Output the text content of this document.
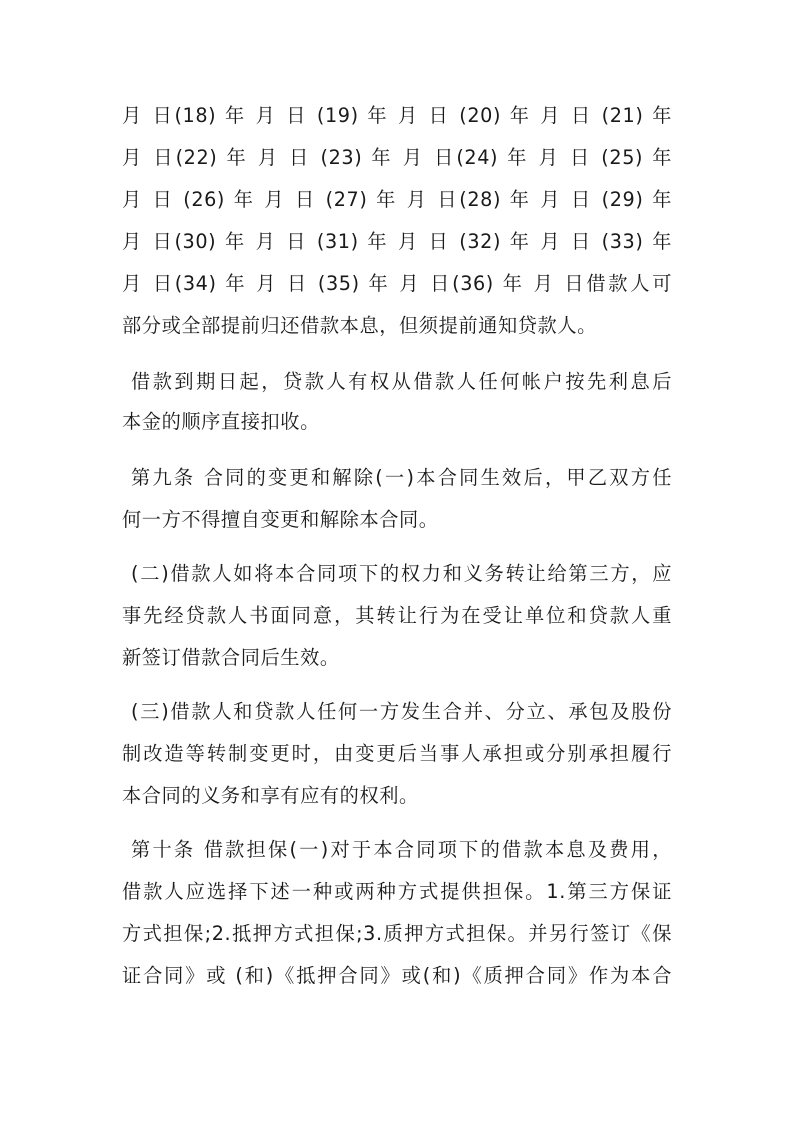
月 日(18) 年 月 日 (19) 年 月 日 (20) 年 月 日 (21) 年
月 日(22) 年 月 日 (23) 年 月 日(24) 年 月 日 (25) 年
月 日 (26) 年 月 日 (27) 年 月 日(28) 年 月 日 (29) 年
月 日(30) 年 月 日 (31) 年 月 日 (32) 年 月 日 (33) 年
月 日(34) 年 月 日 (35) 年 月 日(36) 年 月 日借款人可
部分或全部提前归还借款本息，但须提前通知贷款人。
借款到期日起，贷款人有权从借款人任何帐户按先利息后
本金的顺序直接扣收。
第九条 合同的变更和解除(一)本合同生效后，甲乙双方任
何一方不得擅自变更和解除本合同。
(二)借款人如将本合同项下的权力和义务转让给第三方，应
事先经贷款人书面同意，其转让行为在受让单位和贷款人重
新签订借款合同后生效。
(三)借款人和贷款人任何一方发生合并、分立、承包及股份
制改造等转制变更时，由变更后当事人承担或分别承担履行
本合同的义务和享有应有的权利。
第十条 借款担保(一)对于本合同项下的借款本息及费用，
借款人应选择下述一种或两种方式提供担保。1.第三方保证
方式担保;2.抵押方式担保;3.质押方式担保。并另行签订《保
证合同》或 (和)《抵押合同》或(和)《质押合同》作为本合
